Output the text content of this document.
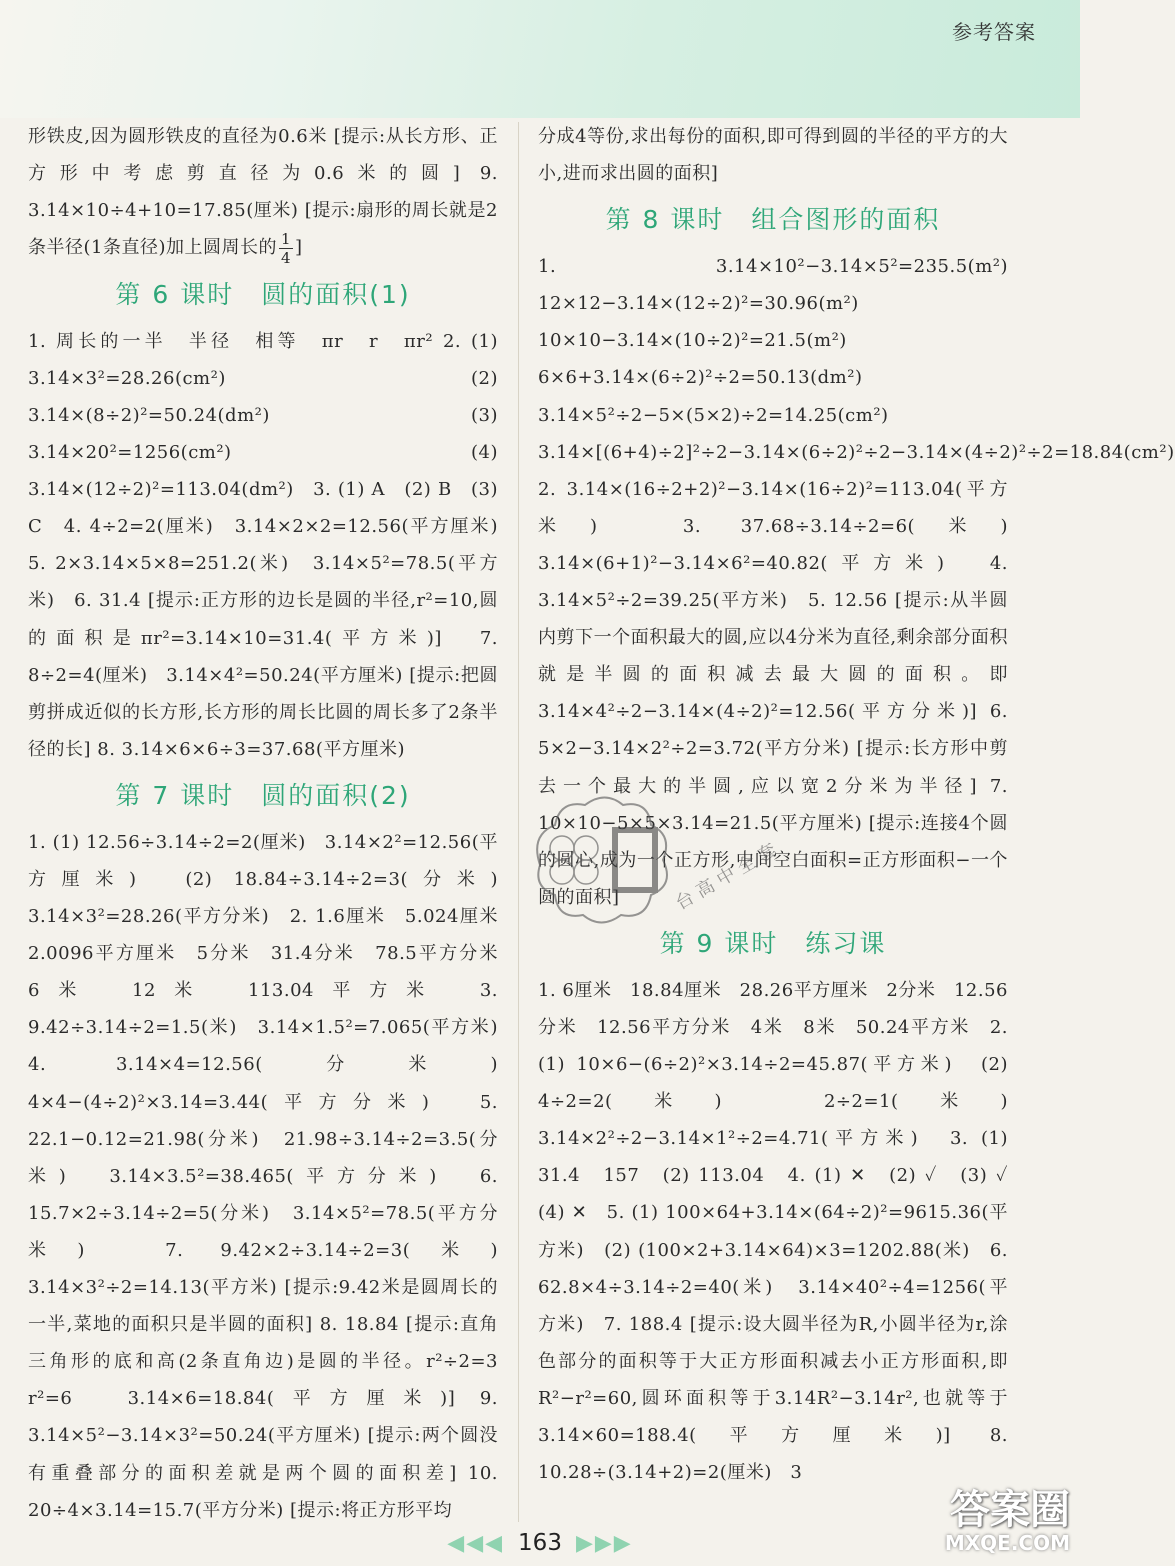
参考答案

形铁皮,因为圆形铁皮的直径为0.6米 [提示:从长方形、正方形中考虑剪直径为0.6米的圆] 9. 3.14×10÷4+10=17.85(厘米) [提示:扇形的周长就是2条半径(1条直径)加上圆周长的 $\frac{1}{4}$ ]

第 6 课时　圆的面积(1)

1. 周长的一半　半径　相等　πr　r　πr² 2. (1) 3.14×3²=28.26(cm²)　(2) 3.14×(8÷2)²=50.24(dm²)　(3) 3.14×20²=1256(cm²)　(4) 3.14×(12÷2)²=113.04(dm²)　3. (1) A　(2) B　(3) C　4. 4÷2=2(厘米)　3.14×2×2=12.56(平方厘米)　5. 2×3.14×5×8=251.2(米)　3.14×5²=78.5(平方米)　6. 31.4 [提示:正方形的边长是圆的半径,r²=10,圆的面积是πr²=3.14×10=31.4(平方米)]　7. 8÷2=4(厘米)　3.14×4²=50.24(平方厘米) [提示:把圆剪拼成近似的长方形,长方形的周长比圆的周长多了2条半径的长] 8. 3.14×6×6÷3=37.68(平方厘米)

第 7 课时　圆的面积(2)

1. (1) 12.56÷3.14÷2=2(厘米)　3.14×2²=12.56(平方厘米)　(2) 18.84÷3.14÷2=3(分米)　3.14×3²=28.26(平方分米)　2. 1.6厘米　5.024厘米　2.0096平方厘米　5分米　31.4分米　78.5平方分米　6米　12米　113.04平方米　3. 9.42÷3.14÷2=1.5(米)　3.14×1.5²=7.065(平方米)　4. 3.14×4=12.56(分米)　4×4−(4÷2)²×3.14=3.44(平方分米)　5. 22.1−0.12=21.98(分米)　21.98÷3.14÷2=3.5(分米)　3.14×3.5²=38.465(平方分米)　6. 15.7×2÷3.14÷2=5(分米)　3.14×5²=78.5(平方分米)　7. 9.42×2÷3.14÷2=3(米)　3.14×3²÷2=14.13(平方米) [提示:9.42米是圆周长的一半,菜地的面积只是半圆的面积] 8. 18.84 [提示:直角三角形的底和高(2条直角边)是圆的半径。r²÷2=3　r²=6　3.14×6=18.84(平方厘米)] 9. 3.14×5²−3.14×3²=50.24(平方厘米) [提示:两个圆没有重叠部分的面积差就是两个圆的面积差] 10. 20÷4×3.14=15.7(平方分米) [提示:将正方形平均

分成4等份,求出每份的面积,即可得到圆的半径的平方的大小,进而求出圆的面积]

第 8 课时　组合图形的面积

1. 3.14×10²−3.14×5²=235.5(m²)　12×12−3.14×(12÷2)²=30.96(m²)　10×10−3.14×(10÷2)²=21.5(m²)　6×6+3.14×(6÷2)²÷2=50.13(dm²)　3.14×5²÷2−5×(5×2)÷2=14.25(cm²)　3.14×[(6+4)÷2]²÷2−3.14×(6÷2)²÷2−3.14×(4÷2)²÷2=18.84(cm²)　2. 3.14×(16÷2+2)²−3.14×(16÷2)²=113.04(平方米)　3. 37.68÷3.14÷2=6(米)　3.14×(6+1)²−3.14×6²=40.82(平方米)　4. 3.14×5²÷2=39.25(平方米)　5. 12.56 [提示:从半圆内剪下一个面积最大的圆,应以4分米为直径,剩余部分面积就是半圆的面积减去最大圆的面积。即3.14×4²÷2−3.14×(4÷2)²=12.56(平方分米)] 6. 5×2−3.14×2²÷2=3.72(平方分米) [提示:长方形中剪去一个最大的半圆,应以宽2分米为半径] 7. 10×10−5×5×3.14=21.5(平方厘米) [提示:连接4个圆的圆心,成为一个正方形,中间空白面积=正方形面积−一个圆的面积]

第 9 课时　练习课

1. 6厘米　18.84厘米　28.26平方厘米　2分米　12.56分米　12.56平方分米　4米　8米　50.24平方米　2. (1) 10×6−(6÷2)²×3.14÷2=45.87(平方米)　(2) 4÷2=2(米)　2÷2=1(米)　3.14×2²÷2−3.14×1²÷2=4.71(平方米)　3. (1) 31.4　157　(2) 113.04　4. (1) ✕　(2) ✓　(3) ✓　(4) ✕　5. (1) 100×64+3.14×(64÷2)²=9615.36(平方米)　(2) (100×2+3.14×64)×3=1202.88(米)　6. 62.8×4÷3.14÷2=40(米)　3.14×40²÷4=1256(平方米)　7. 188.4 [提示:设大圆半径为R,小圆半径为r,涂色部分的面积等于大正方形面积减去小正方形面积,即R²−r²=60,圆环面积等于3.14R²−3.14r²,也就等于3.14×60=188.4(平方厘米)] 8. 10.28÷(3.14+2)=2(厘米)　3

台 高 中 全 套
◀◀◀ 163 ▶▶▶
答案圈
MXQE.COM
